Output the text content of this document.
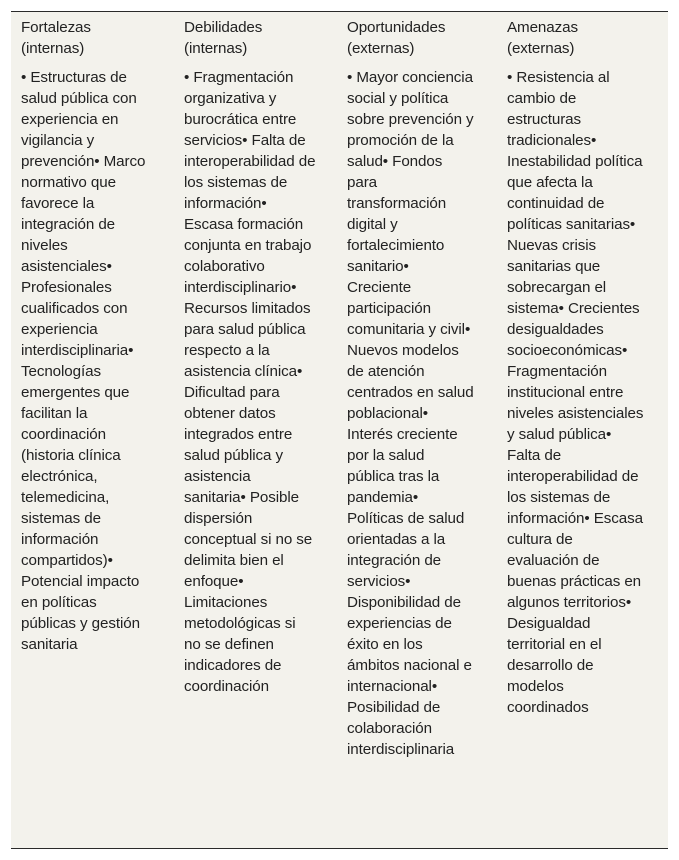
Fortalezas
(internas)

• Estructuras de salud pública con experiencia en vigilancia y prevención• Marco normativo que favorece la integración de niveles asistenciales• Profesionales cualificados con experiencia interdisciplinaria• Tecnologías emergentes que facilitan la coordinación (historia clínica electrónica, telemedicina, sistemas de información compartidos)• Potencial impacto en políticas públicas y gestión sanitaria

Debilidades
(internas)

• Fragmentación organizativa y burocrática entre servicios• Falta de interoperabilidad de los sistemas de información• Escasa formación conjunta en trabajo colaborativo interdisciplinario• Recursos limitados para salud pública respecto a la asistencia clínica• Dificultad para obtener datos integrados entre salud pública y asistencia sanitaria• Posible dispersión conceptual si no se delimita bien el enfoque• Limitaciones metodológicas si no se definen indicadores de coordinación

Oportunidades
(externas)

• Mayor conciencia social y política sobre prevención y promoción de la salud• Fondos para transformación digital y fortalecimiento sanitario• Creciente participación comunitaria y civil• Nuevos modelos de atención centrados en salud poblacional• Interés creciente por la salud pública tras la pandemia• Políticas de salud orientadas a la integración de servicios• Disponibilidad de experiencias de éxito en los ámbitos nacional e internacional• Posibilidad de colaboración interdisciplinaria

Amenazas
(externas)

• Resistencia al cambio de estructuras tradicionales• Inestabilidad política que afecta la continuidad de políticas sanitarias• Nuevas crisis sanitarias que sobrecargan el sistema• Crecientes desigualdades socioeconómicas• Fragmentación institucional entre niveles asistenciales y salud pública• Falta de interoperabilidad de los sistemas de información• Escasa cultura de evaluación de buenas prácticas en algunos territorios• Desigualdad territorial en el desarrollo de modelos coordinados
